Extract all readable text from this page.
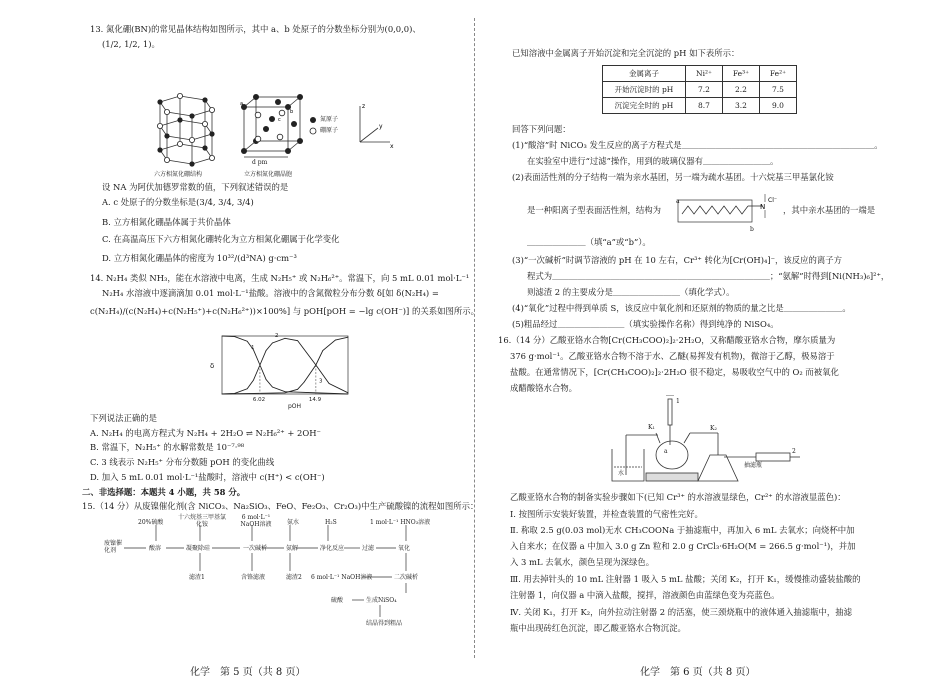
13. 氮化硼(BN)的常见晶体结构如图所示，其中 a、b 处原子的分数坐标分别为(0,0,0)、
(1/2, 1/2, 1)。
六方相氮化硼结构
b
a
c
d pm
立方相氮化硼晶胞
氮原子
硼原子
z
x
y
设 NA 为阿伏加德罗常数的值，下列叙述错误的是
A. c 处原子的分数坐标是(3/4, 3/4, 3/4)
B. 立方相氮化硼晶体属于共价晶体
C. 在高温高压下六方相氮化硼转化为立方相氮化硼属于化学变化
D. 立方相氮化硼晶体的密度为 10³²/(d³NA) g·cm⁻³
14. N₂H₄ 类似 NH₃，能在水溶液中电离，生成 N₂H₅⁺ 或 N₂H₆²⁺。常温下，向 5 mL 0.01 mol·L⁻¹
N₂H₄ 水溶液中逐滴滴加 0.01 mol·L⁻¹盐酸。溶液中的含氮微粒分布分数 δ[如 δ(N₂H₄) =
c(N₂H₄)/(c(N₂H₄)+c(N₂H₅⁺)+c(N₂H₆²⁺))×100%] 与 pOH[pOH = −lg c(OH⁻)] 的关系如图所示。
δ
pOH
6.02	14.9
1
2
3
下列说法正确的是
A. N₂H₄ 的电离方程式为 N₂H₄ + 2H₂O ⇌ N₂H₆²⁺ + 2OH⁻
B. 常温下，N₂H₅⁺ 的水解常数是 10⁻⁷·⁹⁸
C. 3 线表示 N₂H₅⁺ 分布分数随 pOH 的变化曲线
D. 加入 5 mL 0.01 mol·L⁻¹盐酸时，溶液中 c(H⁺) < c(OH⁻)
二、非选择题：本题共 4 小题，共 58 分。
15.（14 分）从废镍催化剂(含 NiCO₃、Na₂SiO₃、FeO、Fe₂O₃、Cr₂O₃)中生产硫酸镍的流程如图所示：
20%硫酸
十六烷基三甲基氯化铵
6 mol·L⁻¹ NaOH溶液	氨水	H₂S	1 mol·L⁻¹ HNO₃溶液
废镍催化剂	酸溶	凝聚除硅	一次碱析	氨解	净化反应	过滤	氧化
滤渣1	含铬滤液	滤渣2 6 mol·L⁻¹ NaOH溶液	二次碱析
硫酸	生成NiSO₄
结晶得到粗品
化学　第 5 页（共 8 页）
已知溶液中金属离子开始沉淀和完全沉淀的 pH 如下表所示：
金属离子	Ni²⁺	Fe³⁺	Fe²⁺
开始沉淀时的 pH	7.2	2.2	7.5
沉淀完全时的 pH	8.7	3.2	9.0
回答下列问题：
(1)“酸溶”时 NiCO₃ 发生反应的离子方程式是＿＿＿＿＿＿＿＿＿＿＿＿＿＿＿＿＿＿＿＿＿＿＿。
在实验室中进行“过滤”操作，用到的玻璃仪器有＿＿＿＿＿＿＿＿。
(2)表面活性剂的分子结构一端为亲水基团，另一端为疏水基团。十六烷基三甲基氯化铵
是一种阳离子型表面活性剂，结构为	N
Cl⁻
a
b
，其中亲水基团的一端是
＿＿＿＿＿＿＿（填“a”或“b”）。
(3)“一次碱析”时调节溶液的 pH 在 10 左右，Cr³⁺ 转化为[Cr(OH)₄]⁻，该反应的离子方
程式为＿＿＿＿＿＿＿＿＿＿＿＿＿＿＿＿＿＿＿＿＿＿＿＿＿＿；“氨解”时得到[Ni(NH₃)₆]²⁺，
则滤渣 2 的主要成分是＿＿＿＿＿＿＿＿（填化学式）。
(4)“氧化”过程中得到单质 S，该反应中氧化剂和还原剂的物质的量之比是＿＿＿＿＿＿＿。
(5)粗品经过＿＿＿＿＿＿＿＿（填实验操作名称）得到纯净的 NiSO₄。
16.（14 分）乙酸亚铬水合物[Cr(CH₃COO)₂]₂·2H₂O，又称醋酸亚铬水合物，摩尔质量为
376 g·mol⁻¹。乙酸亚铬水合物不溶于水、乙醚(易挥发有机物)，微溶于乙醇，极易溶于
盐酸。在通常情况下，[Cr(CH₃COO)₂]₂·2H₂O 很不稳定，易吸收空气中的 O₂ 而被氧化
成醋酸铬水合物。
K₁	K₂
a
1
2
抽滤瓶
水
乙酸亚铬水合物的制备实验步骤如下(已知 Cr³⁺ 的水溶液显绿色，Cr²⁺ 的水溶液显蓝色)：
Ⅰ. 按图所示安装好装置，并检查装置的气密性完好。
Ⅱ. 称取 2.5 g(0.03 mol)无水 CH₃COONa 于抽滤瓶中，再加入 6 mL 去氧水；向烧杯中加
入自来水；在仪器 a 中加入 3.0 g Zn 粒和 2.0 g CrCl₃·6H₂O(M = 266.5 g·mol⁻¹)，并加
入 3 mL 去氧水，颜色呈现为深绿色。
Ⅲ. 用去掉针头的 10 mL 注射器 1 吸入 5 mL 盐酸；关闭 K₂，打开 K₁，缓慢推动盛装盐酸的
注射器 1，向仪器 a 中滴入盐酸，搅拌，溶液颜色由蓝绿色变为亮蓝色。
Ⅳ. 关闭 K₁，打开 K₂，向外拉动注射器 2 的活塞，使三颈烧瓶中的液体通入抽滤瓶中，抽滤
瓶中出现砖红色沉淀，即乙酸亚铬水合物沉淀。
化学　第 6 页（共 8 页）
